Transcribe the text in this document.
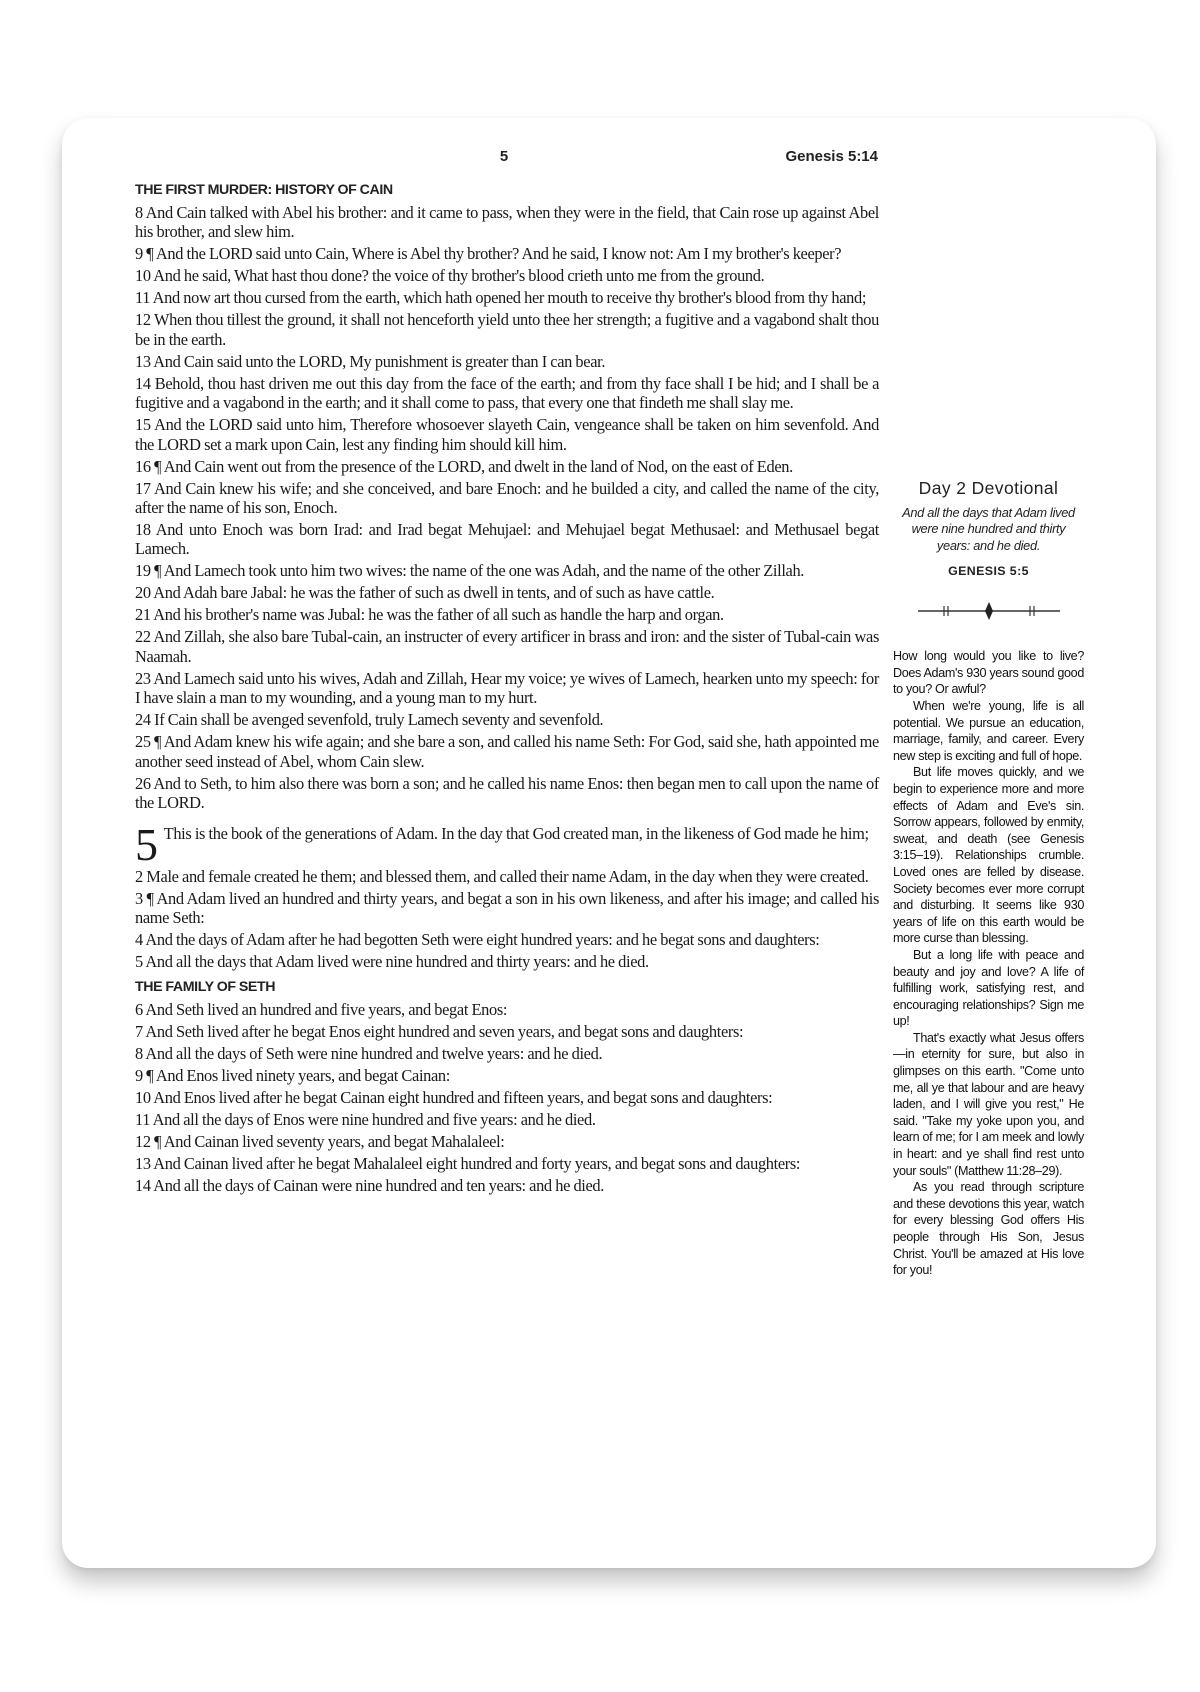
5	Genesis 5:14
THE FIRST MURDER: HISTORY OF CAIN

8 And Cain talked with Abel his brother: and it came to pass, when they were in the field, that Cain rose up against Abel his brother, and slew him.

9 ¶ And the LORD said unto Cain, Where is Abel thy brother? And he said, I know not: Am I my brother's keeper?

10 And he said, What hast thou done? the voice of thy brother's blood crieth unto me from the ground.

11 And now art thou cursed from the earth, which hath opened her mouth to receive thy brother's blood from thy hand;

12 When thou tillest the ground, it shall not henceforth yield unto thee her strength; a fugitive and a vagabond shalt thou be in the earth.

13 And Cain said unto the LORD, My punishment is greater than I can bear.

14 Behold, thou hast driven me out this day from the face of the earth; and from thy face shall I be hid; and I shall be a fugitive and a vagabond in the earth; and it shall come to pass, that every one that findeth me shall slay me.

15 And the LORD said unto him, Therefore whosoever slayeth Cain, vengeance shall be taken on him sevenfold. And the LORD set a mark upon Cain, lest any finding him should kill him.

16 ¶ And Cain went out from the presence of the LORD, and dwelt in the land of Nod, on the east of Eden.

17 And Cain knew his wife; and she conceived, and bare Enoch: and he builded a city, and called the name of the city, after the name of his son, Enoch.

18 And unto Enoch was born Irad: and Irad begat Mehujael: and Mehujael begat Methusael: and Methusael begat Lamech.

19 ¶ And Lamech took unto him two wives: the name of the one was Adah, and the name of the other Zillah.

20 And Adah bare Jabal: he was the father of such as dwell in tents, and of such as have cattle.

21 And his brother's name was Jubal: he was the father of all such as handle the harp and organ.

22 And Zillah, she also bare Tubal-cain, an instructer of every artificer in brass and iron: and the sister of Tubal-cain was Naamah.

23 And Lamech said unto his wives, Adah and Zillah, Hear my voice; ye wives of Lamech, hearken unto my speech: for I have slain a man to my wounding, and a young man to my hurt.

24 If Cain shall be avenged sevenfold, truly Lamech seventy and sevenfold.

25 ¶ And Adam knew his wife again; and she bare a son, and called his name Seth: For God, said she, hath appointed me another seed instead of Abel, whom Cain slew.

26 And to Seth, to him also there was born a son; and he called his name Enos: then began men to call upon the name of the LORD.

5 This is the book of the generations of Adam. In the day that God created man, in the likeness of God made he him;

2 Male and female created he them; and blessed them, and called their name Adam, in the day when they were created.

3 ¶ And Adam lived an hundred and thirty years, and begat a son in his own likeness, and after his image; and called his name Seth:

4 And the days of Adam after he had begotten Seth were eight hundred years: and he begat sons and daughters:

5 And all the days that Adam lived were nine hundred and thirty years: and he died.

THE FAMILY OF SETH

6 And Seth lived an hundred and five years, and begat Enos:

7 And Seth lived after he begat Enos eight hundred and seven years, and begat sons and daughters:

8 And all the days of Seth were nine hundred and twelve years: and he died.

9 ¶ And Enos lived ninety years, and begat Cainan:

10 And Enos lived after he begat Cainan eight hundred and fifteen years, and begat sons and daughters:

11 And all the days of Enos were nine hundred and five years: and he died.

12 ¶ And Cainan lived seventy years, and begat Mahalaleel:

13 And Cainan lived after he begat Mahalaleel eight hundred and forty years, and begat sons and daughters:

14 And all the days of Cainan were nine hundred and ten years: and he died.

Day 2 Devotional
And all the days that Adam lived were nine hundred and thirty years: and he died.
GENESIS 5:5

How long would you like to live? Does Adam's 930 years sound good to you? Or awful?

When we're young, life is all potential. We pursue an education, marriage, family, and career. Every new step is exciting and full of hope.

But life moves quickly, and we begin to experience more and more effects of Adam and Eve's sin. Sorrow appears, followed by enmity, sweat, and death (see Genesis 3:15–19). Relationships crumble. Loved ones are felled by disease. Society becomes ever more corrupt and disturbing. It seems like 930 years of life on this earth would be more curse than blessing.

But a long life with peace and beauty and joy and love? A life of fulfilling work, satisfying rest, and encouraging relationships? Sign me up!

That's exactly what Jesus offers—in eternity for sure, but also in glimpses on this earth. "Come unto me, all ye that labour and are heavy laden, and I will give you rest," He said. "Take my yoke upon you, and learn of me; for I am meek and lowly in heart: and ye shall find rest unto your souls" (Matthew 11:28–29).

As you read through scripture and these devotions this year, watch for every blessing God offers His people through His Son, Jesus Christ. You'll be amazed at His love for you!
